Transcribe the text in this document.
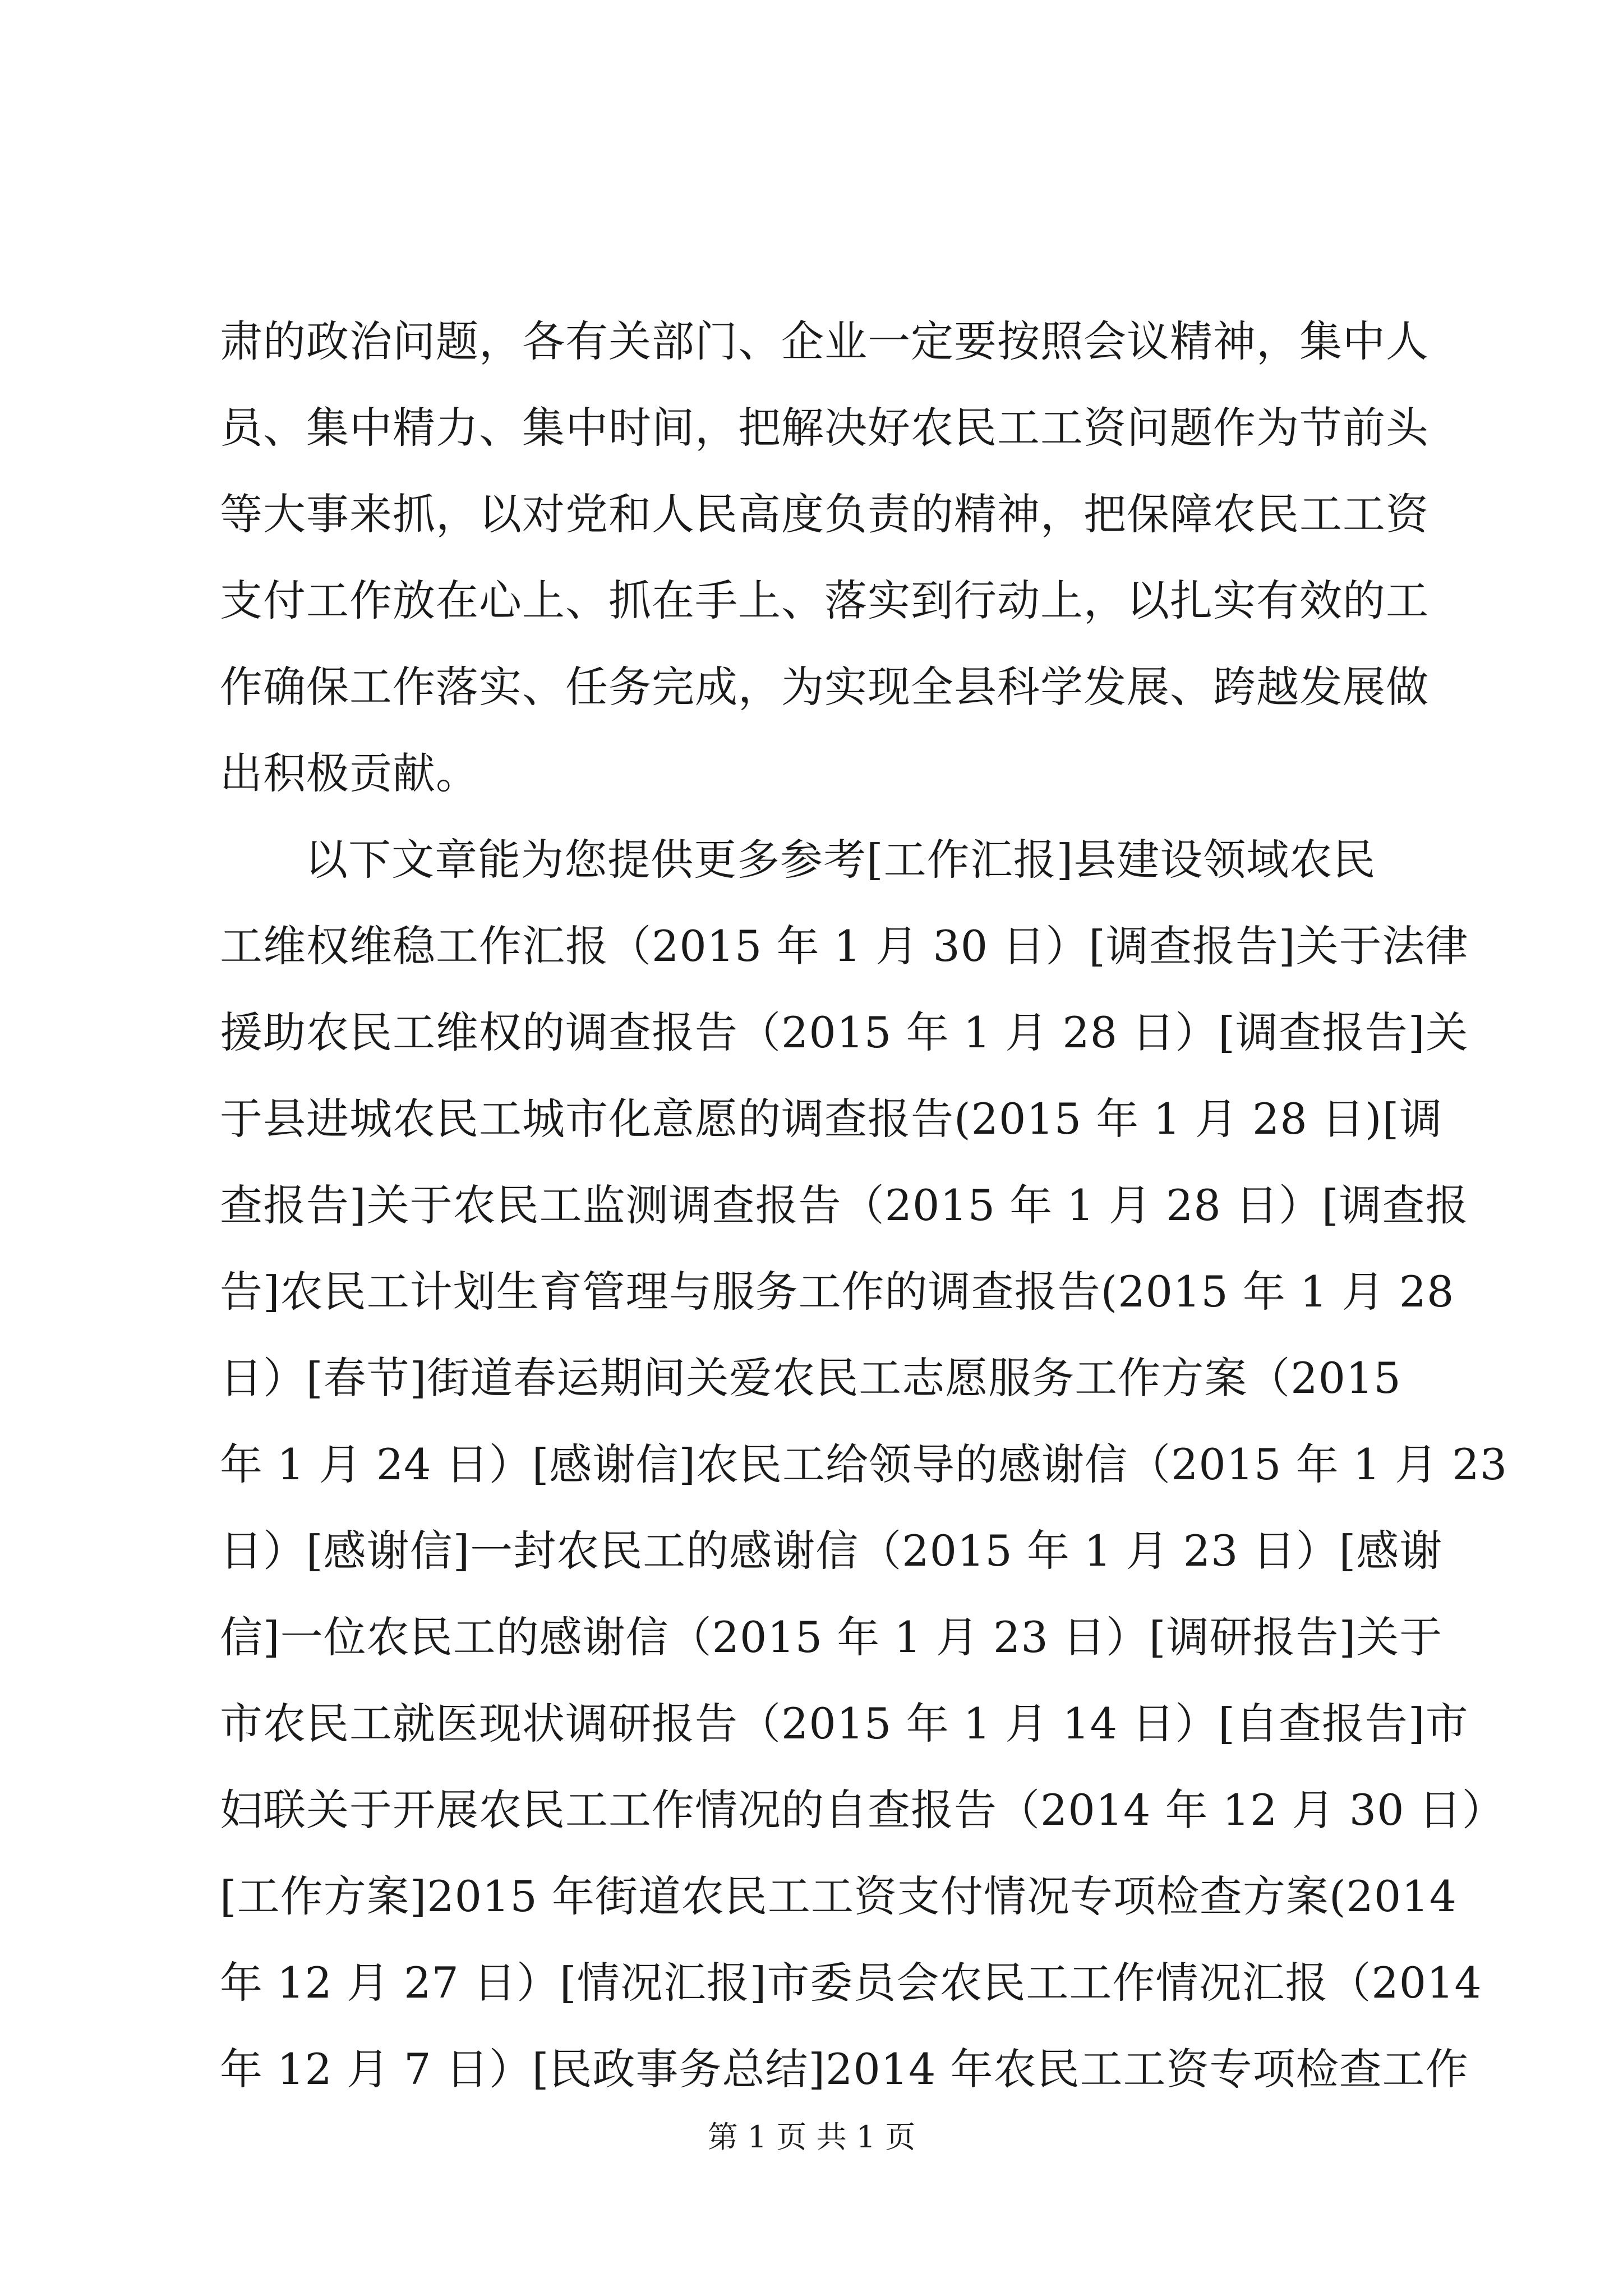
肃的政治问题，各有关部门、企业一定要按照会议精神，集中人
员、集中精力、集中时间，把解决好农民工工资问题作为节前头
等大事来抓，以对党和人民高度负责的精神，把保障农民工工资
支付工作放在心上、抓在手上、落实到行动上，以扎实有效的工
作确保工作落实、任务完成，为实现全县科学发展、跨越发展做
出积极贡献。
以下文章能为您提供更多参考[工作汇报]县建设领域农民
工维权维稳工作汇报（2015 年 1 月 30 日）[调查报告]关于法律
援助农民工维权的调查报告（2015 年 1 月 28 日）[调查报告]关
于县进城农民工城市化意愿的调查报告(2015 年 1 月 28 日)[调
查报告]关于农民工监测调查报告（2015 年 1 月 28 日）[调查报
告]农民工计划生育管理与服务工作的调查报告(2015 年 1 月 28
日）[春节]街道春运期间关爱农民工志愿服务工作方案（2015
年 1 月 24 日）[感谢信]农民工给领导的感谢信（2015 年 1 月 23
日）[感谢信]一封农民工的感谢信（2015 年 1 月 23 日）[感谢
信]一位农民工的感谢信（2015 年 1 月 23 日）[调研报告]关于
市农民工就医现状调研报告（2015 年 1 月 14 日）[自查报告]市
妇联关于开展农民工工作情况的自查报告（2014 年 12 月 30 日）
[工作方案]2015 年街道农民工工资支付情况专项检查方案(2014
年 12 月 27 日）[情况汇报]市委员会农民工工作情况汇报（2014
年 12 月 7 日）[民政事务总结]2014 年农民工工资专项检查工作
第 1 页 共 1 页
